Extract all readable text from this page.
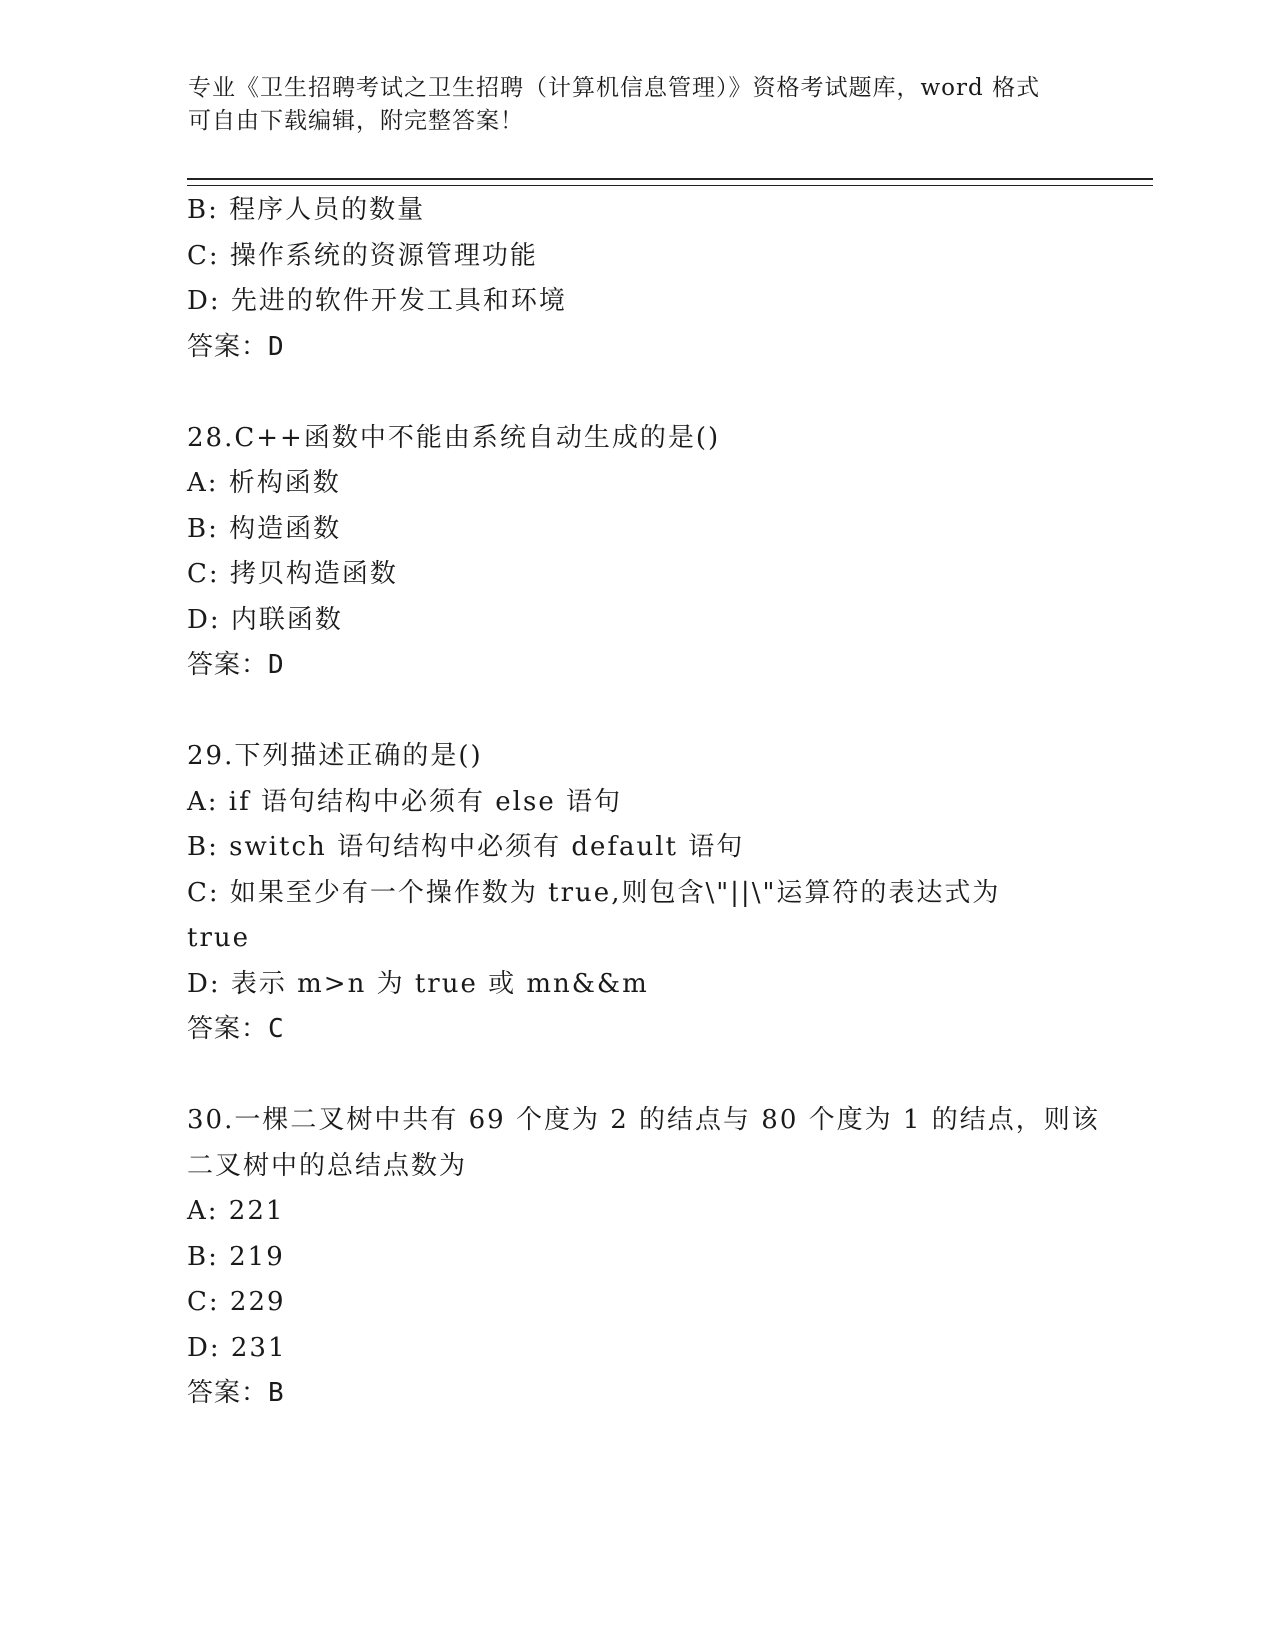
专业《卫生招聘考试之卫生招聘（计算机信息管理）》资格考试题库，word 格式
可自由下载编辑，附完整答案！
B: 程序人员的数量
C: 操作系统的资源管理功能
D: 先进的软件开发工具和环境
答案：D
28.C++函数中不能由系统自动生成的是()
A: 析构函数
B: 构造函数
C: 拷贝构造函数
D: 内联函数
答案：D
29.下列描述正确的是()
A: if 语句结构中必须有 else 语句
B: switch 语句结构中必须有 default 语句
C: 如果至少有一个操作数为 true,则包含\"||\"运算符的表达式为
true
D: 表示 m>n 为 true 或 mn&&m
答案：C
30.一棵二叉树中共有 69 个度为 2 的结点与 80 个度为 1 的结点，则该
二叉树中的总结点数为
A: 221
B: 219
C: 229
D: 231
答案：B
